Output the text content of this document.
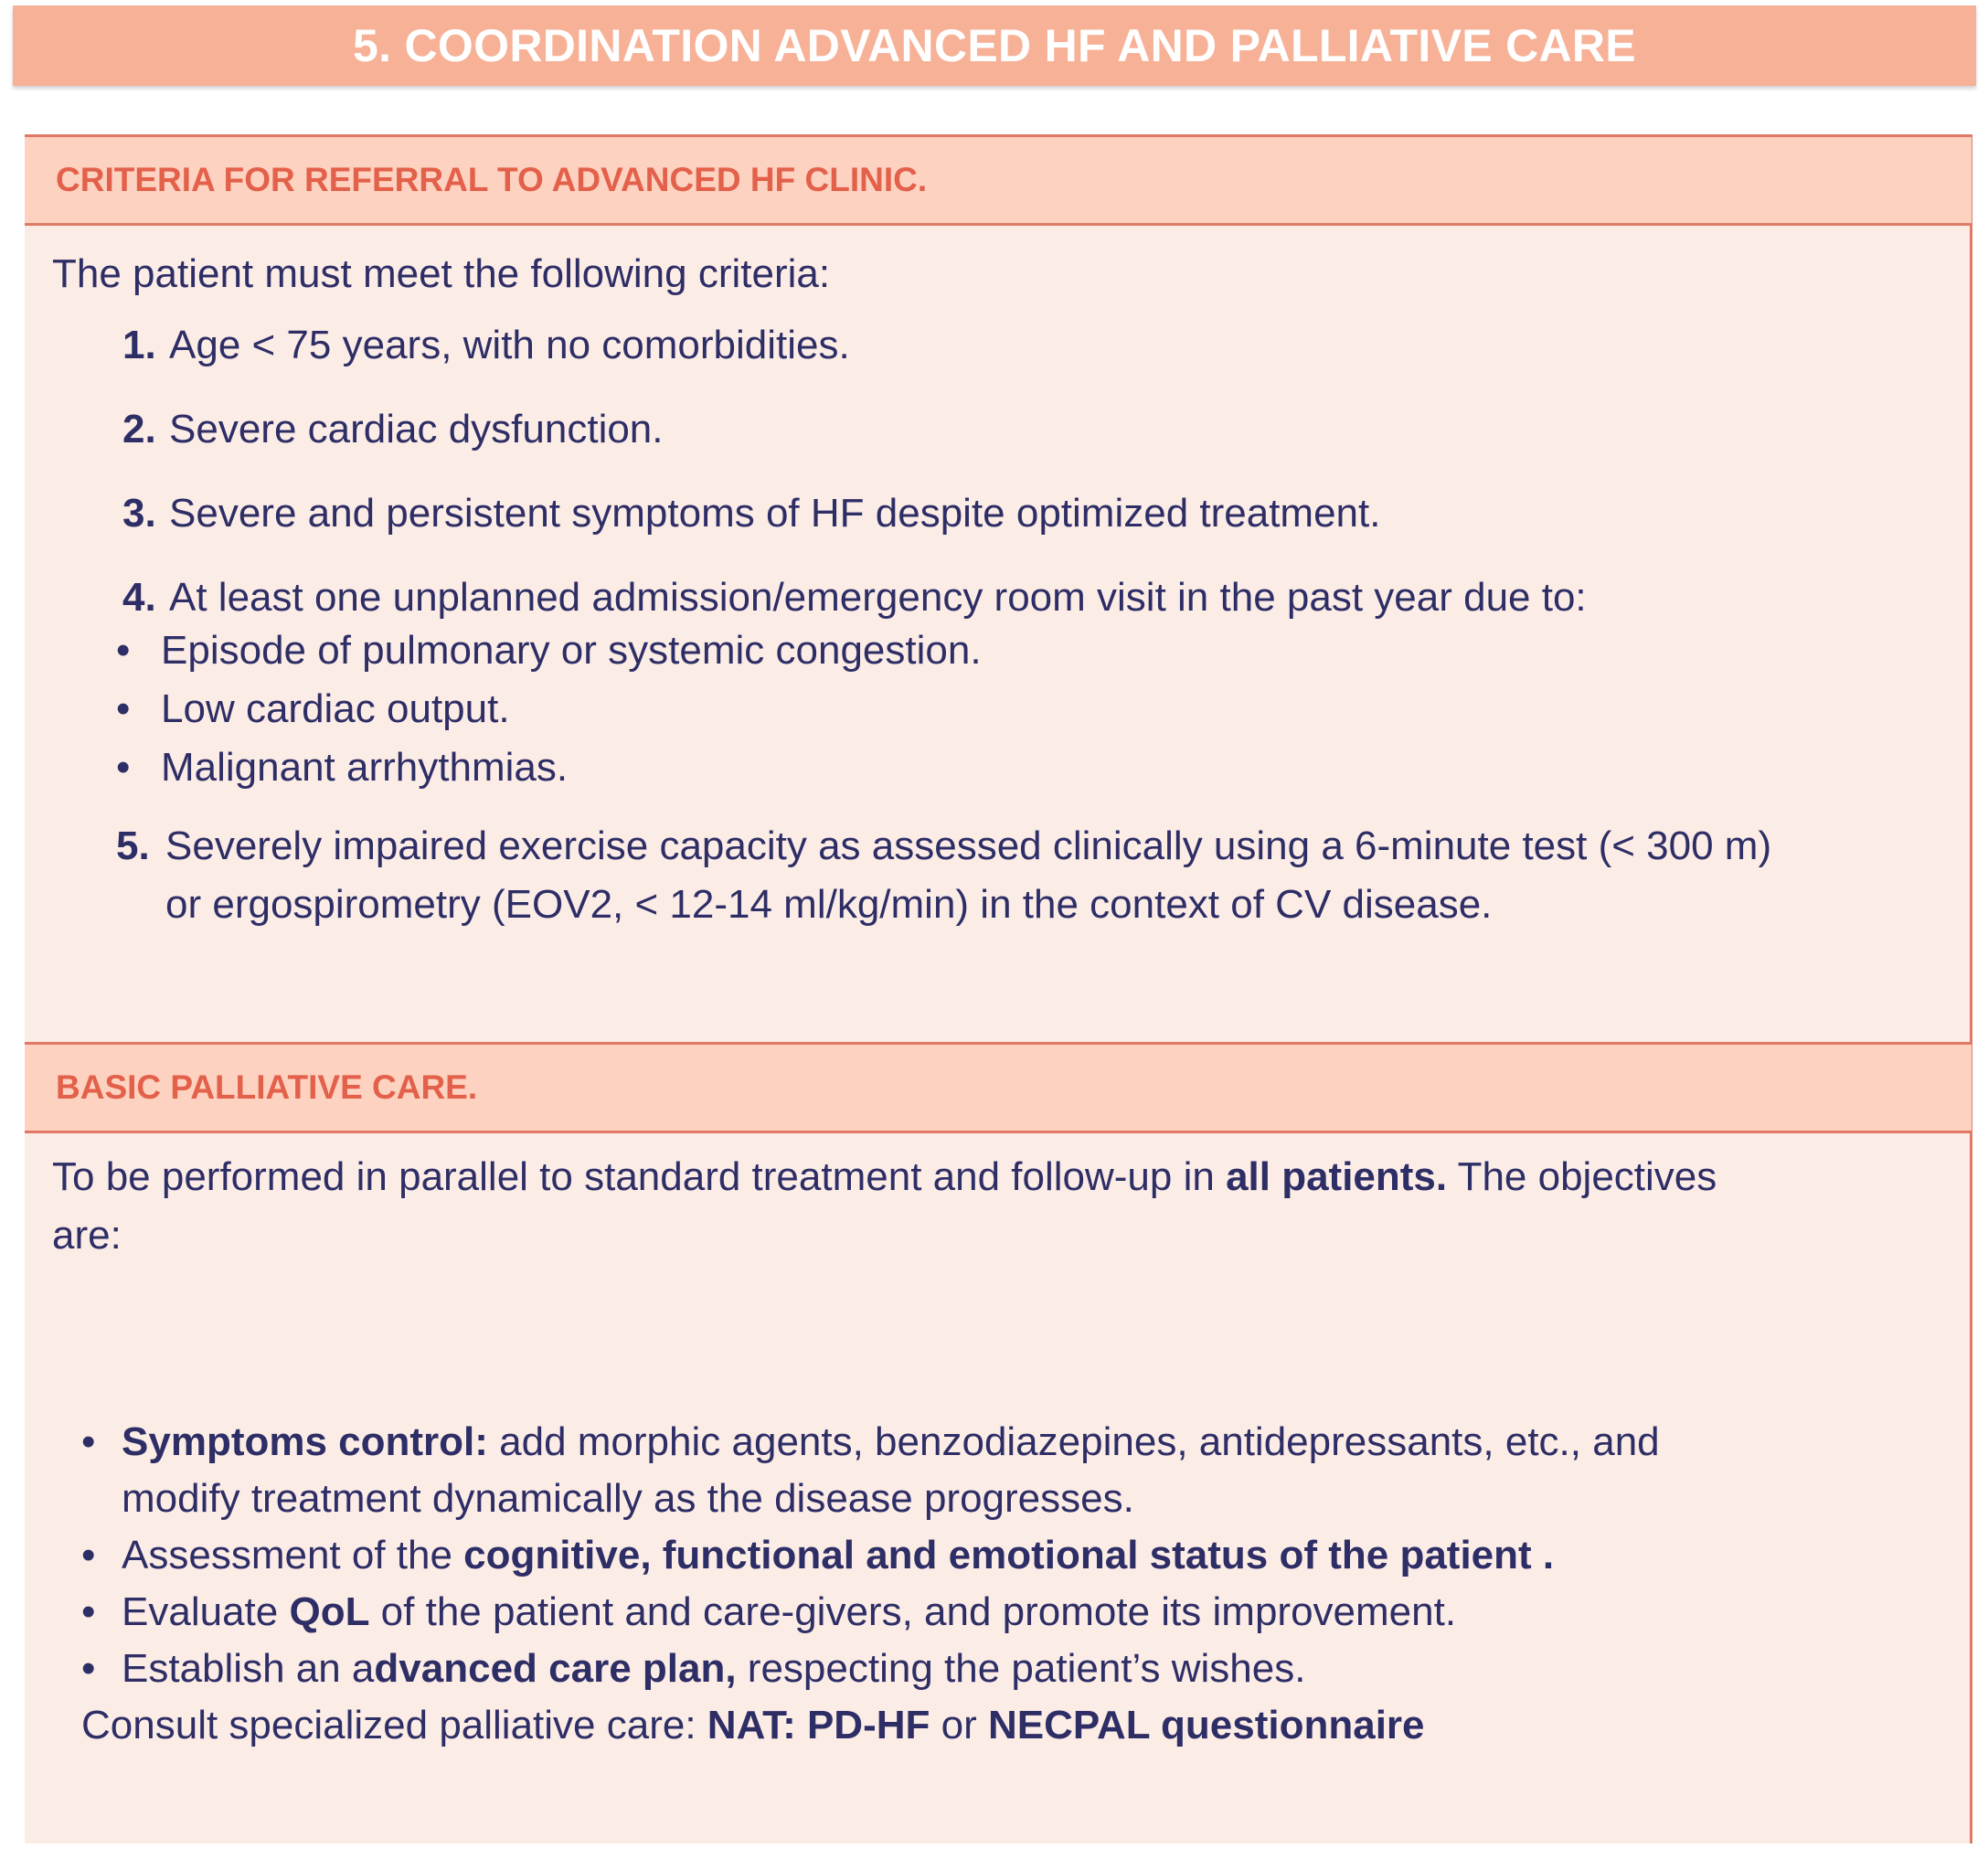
5. COORDINATION ADVANCED HF AND PALLIATIVE CARE
CRITERIA FOR REFERRAL TO ADVANCED HF CLINIC.

The patient must meet the following criteria:

1. Age < 75 years, with no comorbidities.
2. Severe cardiac dysfunction.
3. Severe and persistent symptoms of HF despite optimized treatment.
4. At least one unplanned admission/emergency room visit in the past year due to:
• Episode of pulmonary or systemic congestion.
• Low cardiac output.
• Malignant arrhythmias.
5. Severely impaired exercise capacity as assessed clinically using a 6-minute test (< 300 m) or ergospirometry (EOV2, < 12-14 ml/kg/min) in the context of CV disease.
BASIC PALLIATIVE CARE.

To be performed in parallel to standard treatment and follow-up in all patients. The objectives are:

• Symptoms control: add morphic agents, benzodiazepines, antidepressants, etc., and modify treatment dynamically as the disease progresses.
• Assessment of the cognitive, functional and emotional status of the patient .
• Evaluate QoL of the patient and care-givers, and promote its improvement.
• Establish an advanced care plan, respecting the patient’s wishes.
Consult specialized palliative care: NAT: PD-HF or NECPAL questionnaire
